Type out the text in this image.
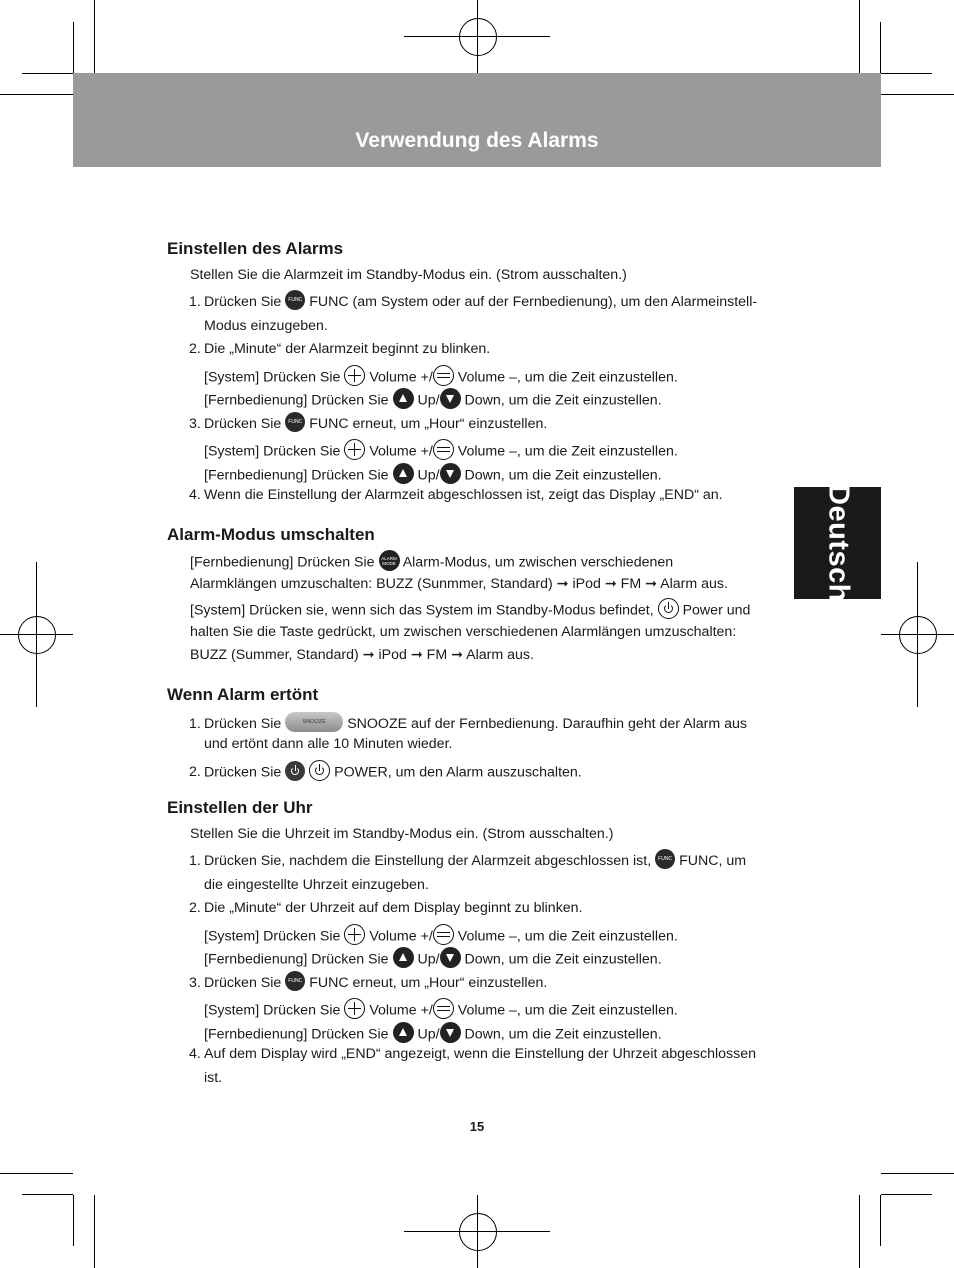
Verwendung des Alarms
Deutsch
Einstellen des Alarms
Stellen Sie die Alarmzeit im Standby-Modus ein. (Strom ausschalten.)
1. Drücken Sie FUNC FUNC (am System oder auf der Fernbedienung), um den Alarmeinstell-
Modus einzugeben.
2. Die „Minute“ der Alarmzeit beginnt zu blinken.
[System] Drücken Sie Volume +/ Volume –, um die Zeit einzustellen.
[Fernbedienung] Drücken Sie Up/ Down, um die Zeit einzustellen.
3. Drücken Sie FUNC FUNC erneut, um „Hour“ einzustellen.
[System] Drücken Sie Volume +/ Volume –, um die Zeit einzustellen.
[Fernbedienung] Drücken Sie Up/ Down, um die Zeit einzustellen.
4. Wenn die Einstellung der Alarmzeit abgeschlossen ist, zeigt das Display „END“ an.
Alarm-Modus umschalten
[Fernbedienung] Drücken Sie	ALARM
MODE Alarm-Modus, um zwischen verschiedenen
Alarmklängen umzuschalten: BUZZ (Sunmmer, Standard) ➞ iPod ➞ FM ➞ Alarm aus.
[System] Drücken sie, wenn sich das System im Standby-Modus befindet, Power und
halten Sie die Taste gedrückt, um zwischen verschiedenen Alarmlängen umzuschalten:
BUZZ (Summer, Standard) ➞ iPod ➞ FM ➞ Alarm aus.
Wenn Alarm ertönt
1. Drücken Sie	SNOOZE SNOOZE auf der Fernbedienung. Daraufhin geht der Alarm aus
und ertönt dann alle 10 Minuten wieder.
2. Drücken Sie	POWER, um den Alarm auszuschalten.
Einstellen der Uhr
Stellen Sie die Uhrzeit im Standby-Modus ein. (Strom ausschalten.)
1. Drücken Sie, nachdem die Einstellung der Alarmzeit abgeschlossen ist, FUNC FUNC, um
die eingestellte Uhrzeit einzugeben.
2. Die „Minute“ der Uhrzeit auf dem Display beginnt zu blinken.
[System] Drücken Sie Volume +/ Volume –, um die Zeit einzustellen.
[Fernbedienung] Drücken Sie Up/ Down, um die Zeit einzustellen.
3. Drücken Sie FUNC FUNC erneut, um „Hour“ einzustellen.
[System] Drücken Sie Volume +/ Volume –, um die Zeit einzustellen.
[Fernbedienung] Drücken Sie Up/ Down, um die Zeit einzustellen.
4. Auf dem Display wird „END“ angezeigt, wenn die Einstellung der Uhrzeit abgeschlossen
ist.
15
